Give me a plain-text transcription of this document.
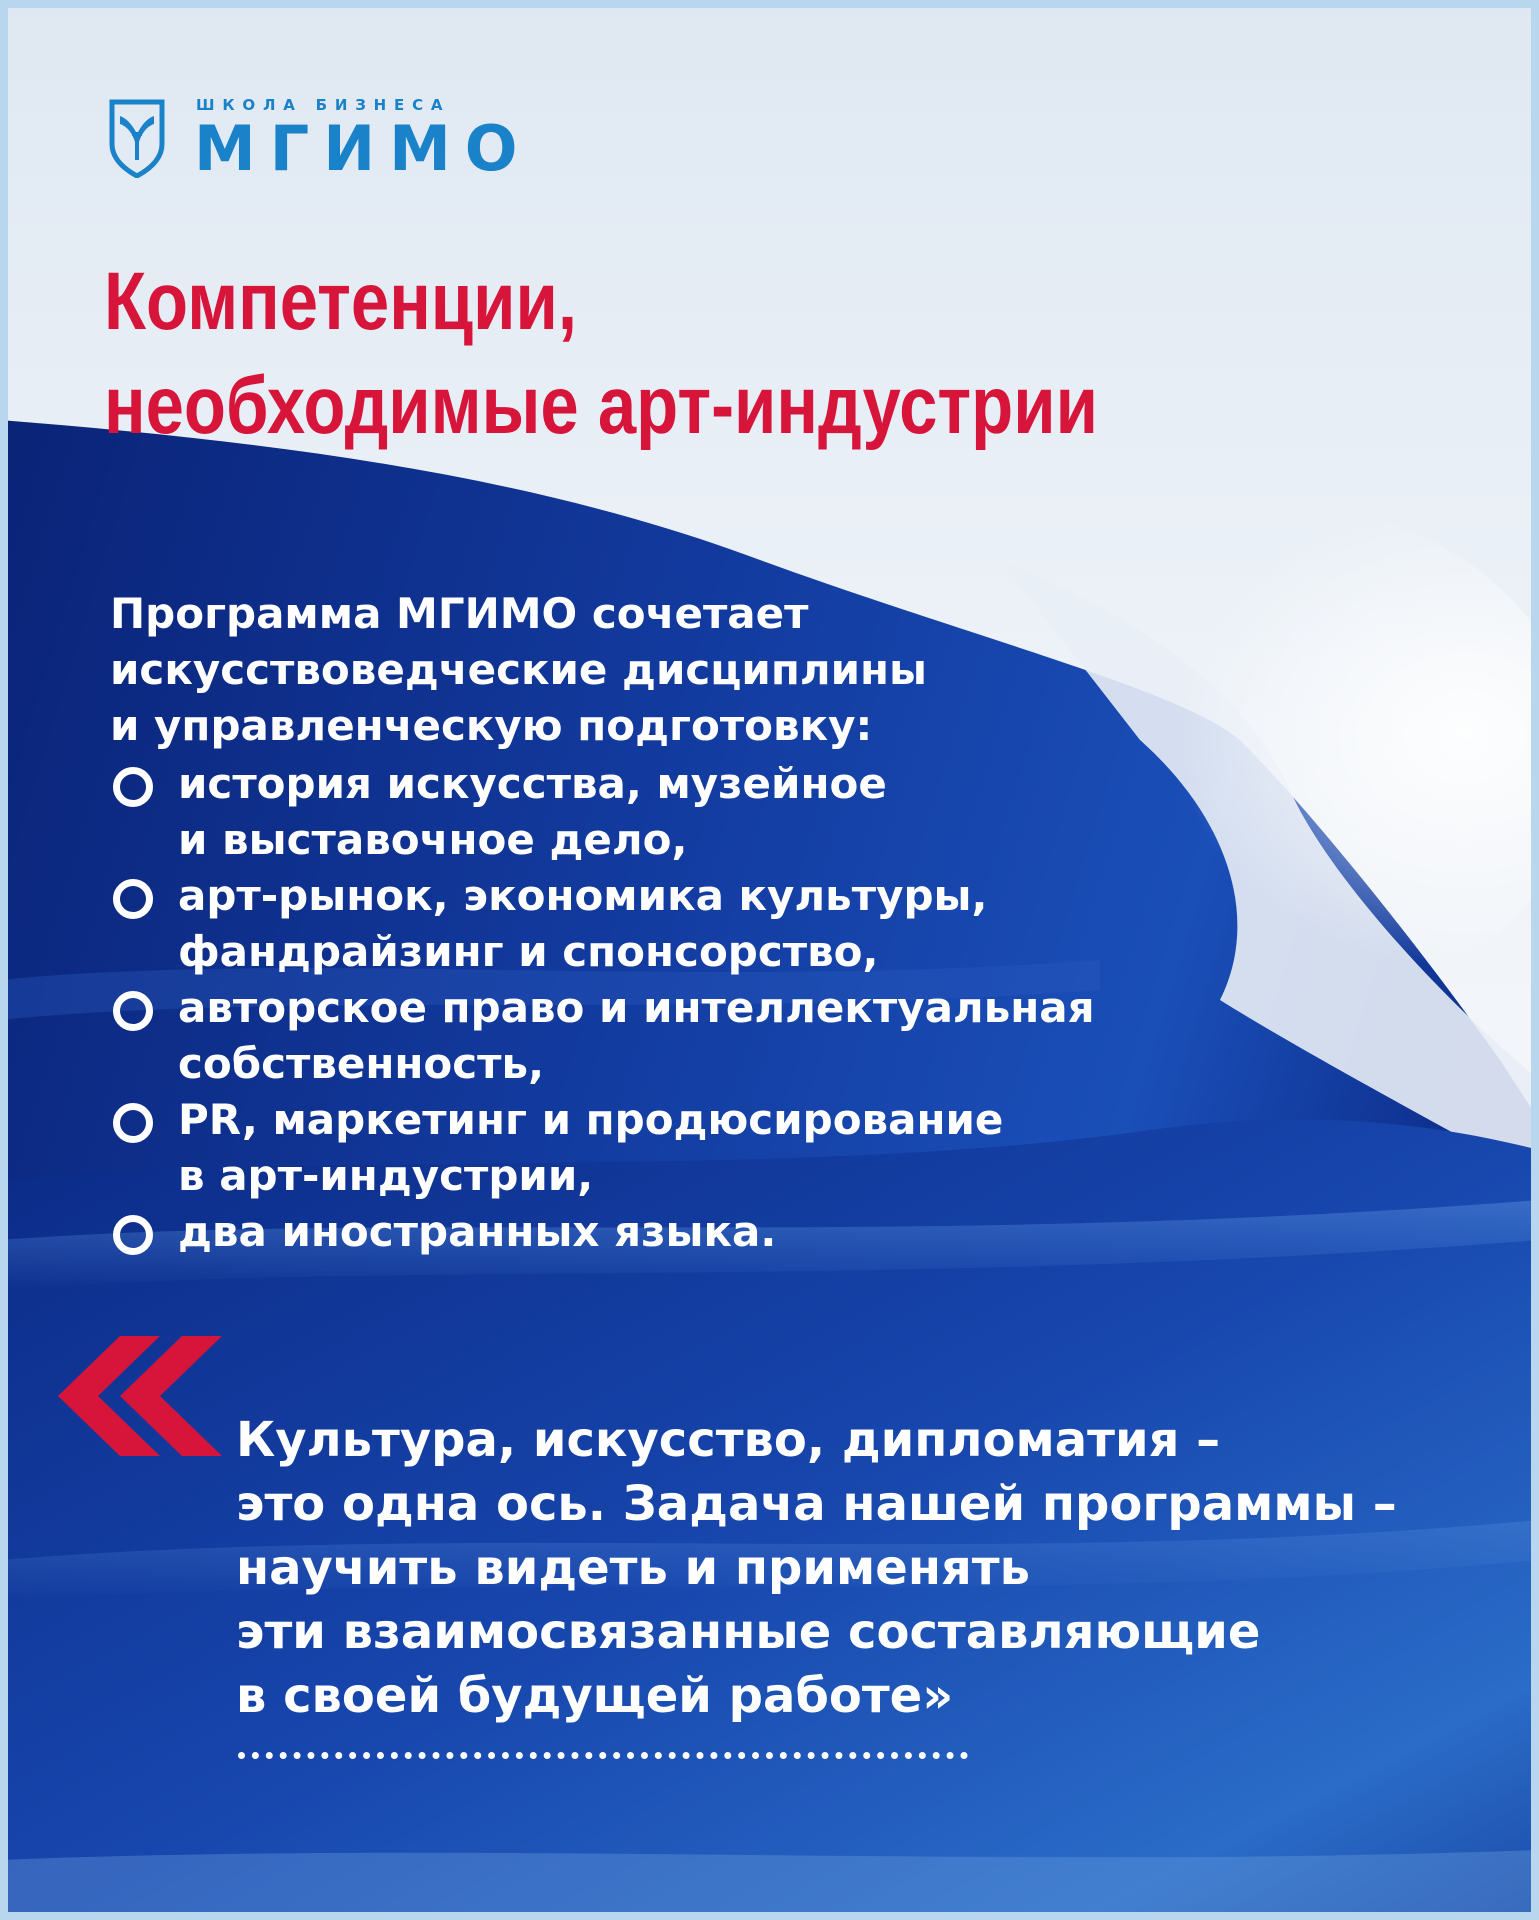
ШКОЛА БИЗНЕСА
МГИМО
Компетенции,
необходимые арт-индустрии

Программа МГИМО сочетает
искусствоведческие дисциплины
и управленческую подготовку:

история искусства, музейное
и выставочное дело,
арт-рынок, экономика культуры,
фандрайзинг и спонсорство,
авторское право и интеллектуальная
собственность,
PR, маркетинг и продюсирование
в арт-индустрии,
два иностранных языка.

Культура, искусство, дипломатия –
это одна ось. Задача нашей программы –
научить видеть и применять
эти взаимосвязанные составляющие
в своей будущей работе»
